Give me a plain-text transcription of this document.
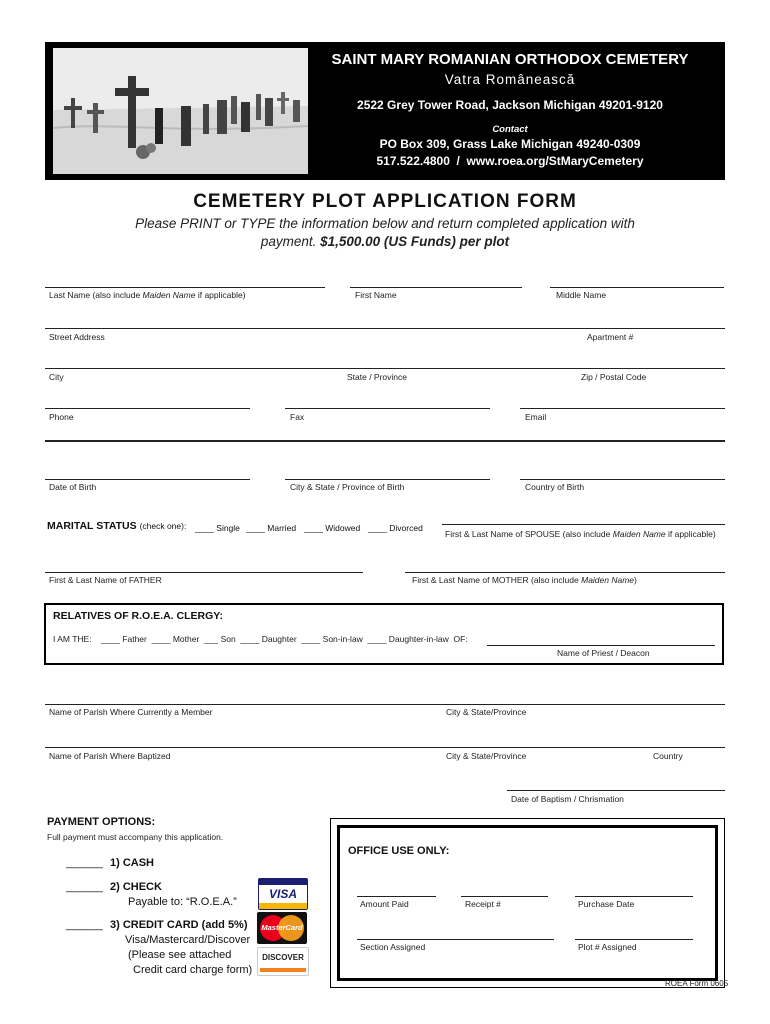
SAINT MARY ROMANIAN ORTHODOX CEMETERY
Vatra Românească
2522 Grey Tower Road, Jackson Michigan 49201-9120
Contact
PO Box 309, Grass Lake Michigan 49240-0309
517.522.4800  /  www.roea.org/StMaryCemetery
CEMETERY PLOT APPLICATION FORM
Please PRINT or TYPE the information below and return completed application with
payment. $1,500.00 (US Funds) per plot
Last Name (also include Maiden Name if applicable)	First Name	Middle Name
Street Address	Apartment #
City	State / Province	Zip / Postal Code
Phone	Fax	Email
Date of Birth	City & State / Province of Birth	Country of Birth
MARITAL STATUS (check one): ____ Single ____ Married ____ Widowed ____ Divorced
First & Last Name of SPOUSE (also include Maiden Name if applicable)
First & Last Name of FATHER	First & Last Name of MOTHER (also include Maiden Name)
RELATIVES OF R.O.E.A. CLERGY:
I AM THE:    ____ Father  ____ Mother  ___ Son  ____ Daughter  ____ Son-in-law  ____ Daughter-in-law  OF:
Name of Priest / Deacon
Name of Parish Where Currently a Member	City & State/Province
Name of Parish Where Baptized	City & State/Province	Country
Date of Baptism / Chrismation
PAYMENT OPTIONS:
Full payment must accompany this application.
______ 1) CASH
______ 2) CHECK
Payable to: “R.O.E.A.”
______ 3) CREDIT CARD (add 5%)
Visa/Mastercard/Discover
(Please see attached
Credit card charge form)
VISA
MasterCard
DISCOVER
OFFICE USE ONLY:
Amount Paid	Receipt #	Purchase Date
Section Assigned	Plot # Assigned
ROEA Form 0605
